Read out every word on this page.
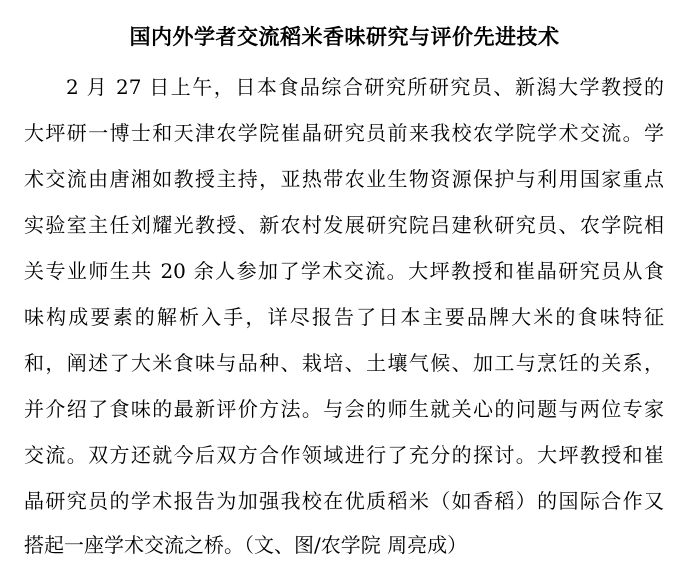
国内外学者交流稻米香味研究与评价先进技术
2 月 27 日上午，日本食品综合研究所研究员、新潟大学教授的
大坪研一博士和天津农学院崔晶研究员前来我校农学院学术交流。学
术交流由唐湘如教授主持，亚热带农业生物资源保护与利用国家重点
实验室主任刘耀光教授、新农村发展研究院吕建秋研究员、农学院相
关专业师生共 20 余人参加了学术交流。大坪教授和崔晶研究员从食
味构成要素的解析入手，详尽报告了日本主要品牌大米的食味特征
和，阐述了大米食味与品种、栽培、土壤气候、加工与烹饪的关系，
并介绍了食味的最新评价方法。与会的师生就关心的问题与两位专家
交流。双方还就今后双方合作领域进行了充分的探讨。大坪教授和崔
晶研究员的学术报告为加强我校在优质稻米（如香稻）的国际合作又
搭起一座学术交流之桥。（文、图/农学院 周亮成）
